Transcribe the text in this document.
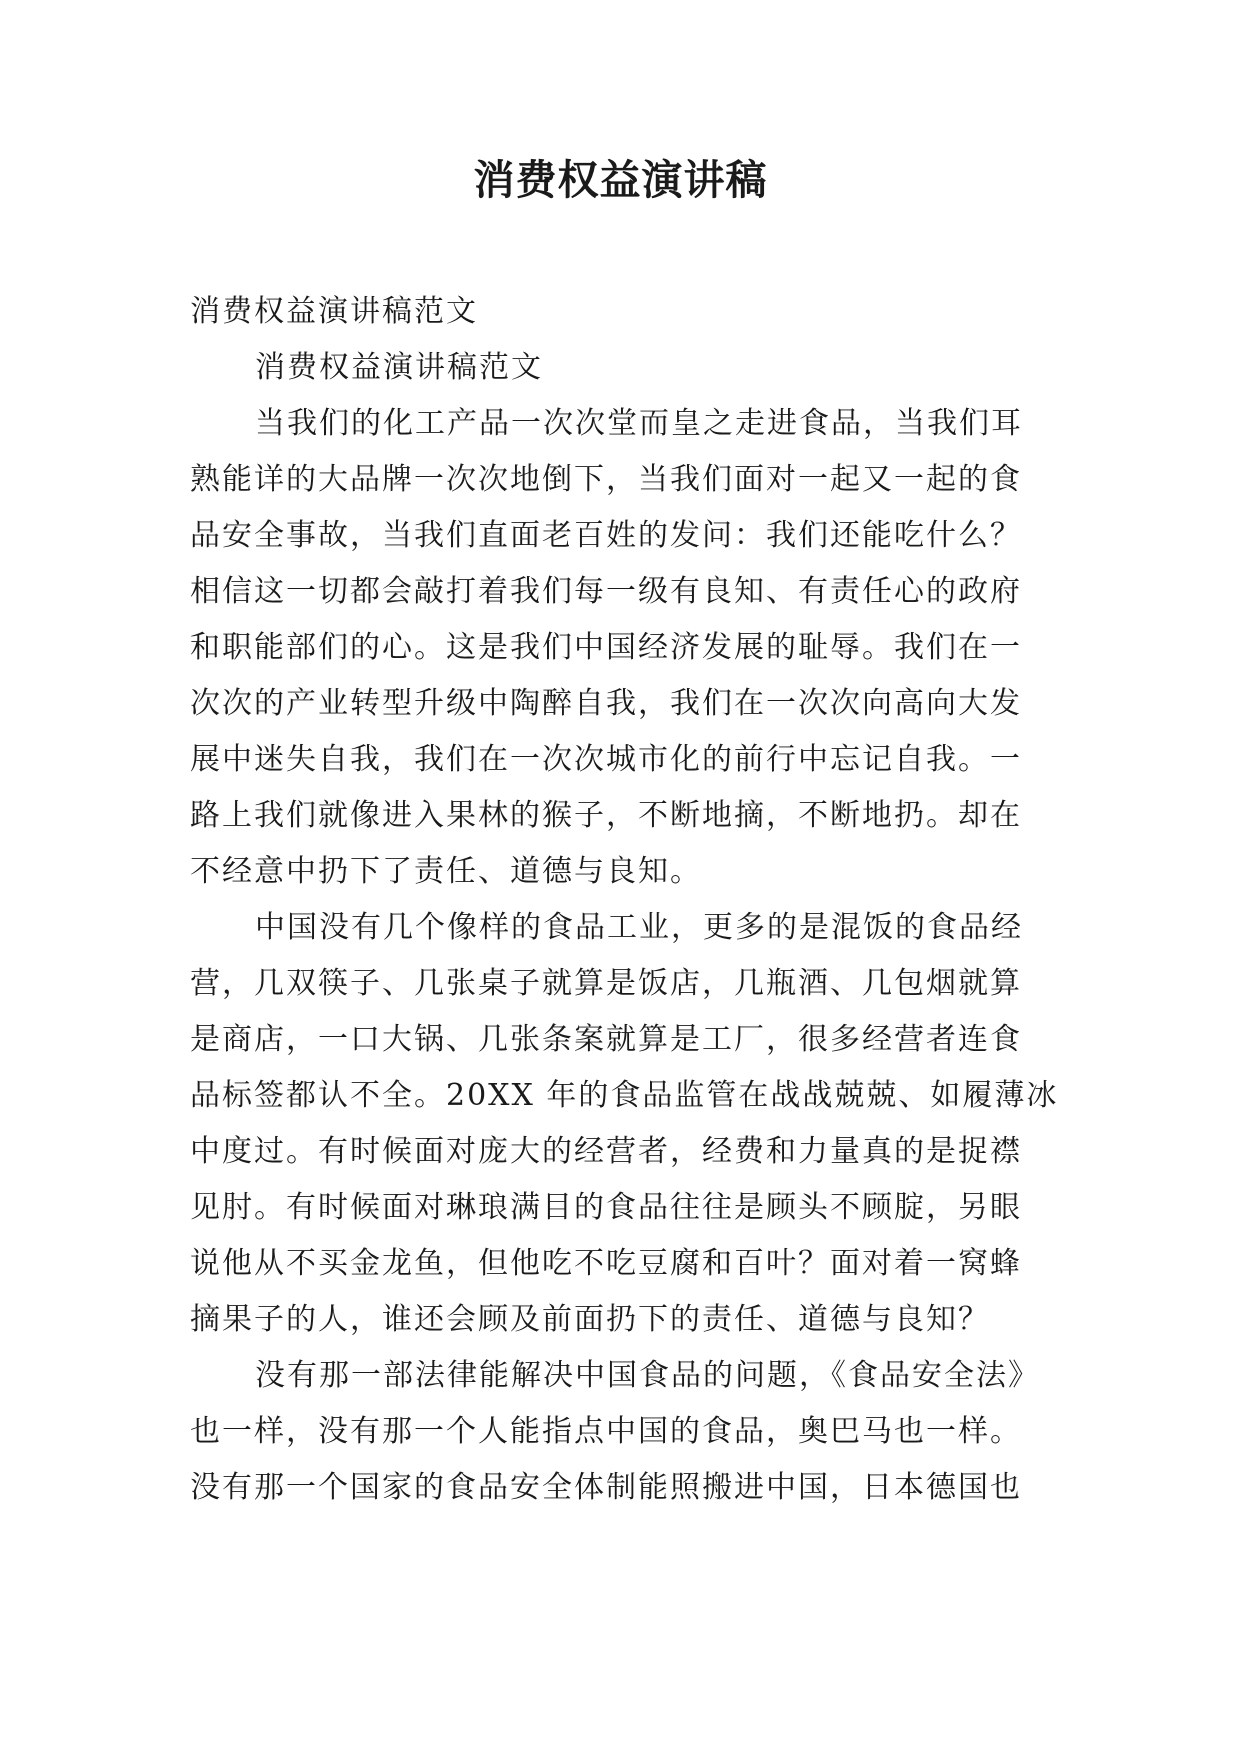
消费权益演讲稿
消费权益演讲稿范文
消费权益演讲稿范文
当我们的化工产品一次次堂而皇之走进食品，当我们耳
熟能详的大品牌一次次地倒下，当我们面对一起又一起的食
品安全事故，当我们直面老百姓的发问：我们还能吃什么？
相信这一切都会敲打着我们每一级有良知、有责任心的政府
和职能部们的心。这是我们中国经济发展的耻辱。我们在一
次次的产业转型升级中陶醉自我，我们在一次次向高向大发
展中迷失自我，我们在一次次城市化的前行中忘记自我。一
路上我们就像进入果林的猴子，不断地摘，不断地扔。却在
不经意中扔下了责任、道德与良知。
中国没有几个像样的食品工业，更多的是混饭的食品经
营，几双筷子、几张桌子就算是饭店，几瓶酒、几包烟就算
是商店，一口大锅、几张条案就算是工厂，很多经营者连食
品标签都认不全。20XX 年的食品监管在战战兢兢、如履薄冰
中度过。有时候面对庞大的经营者，经费和力量真的是捉襟
见肘。有时候面对琳琅满目的食品往往是顾头不顾腚，另眼
说他从不买金龙鱼，但他吃不吃豆腐和百叶？面对着一窝蜂
摘果子的人，谁还会顾及前面扔下的责任、道德与良知？
没有那一部法律能解决中国食品的问题，《食品安全法》
也一样，没有那一个人能指点中国的食品，奥巴马也一样。
没有那一个国家的食品安全体制能照搬进中国，日本德国也
